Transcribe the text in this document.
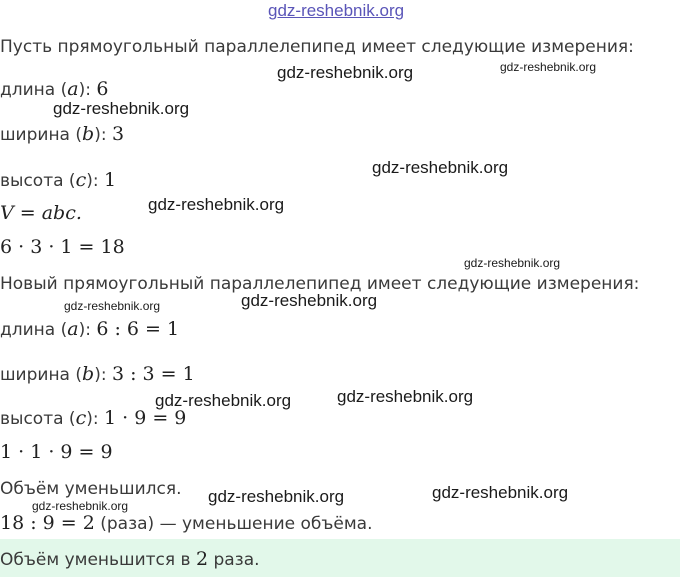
gdz-reshebnik.org
gdz-reshebnik.org	gdz-reshebnik.org
gdz-reshebnik.org
gdz-reshebnik.org
gdz-reshebnik.org
gdz-reshebnik.org
gdz-reshebnik.org	gdz-reshebnik.org
gdz-reshebnik.org	gdz-reshebnik.org
gdz-reshebnik.org	gdz-reshebnik.org
gdz-reshebnik.org
Пусть прямоугольный параллелепипед имеет следующие измерения:
длина (a): 6
ширина (b): 3
высота (c): 1
V = abc.
6 · 3 · 1 = 18
Новый прямоугольный параллелепипед имеет следующие измерения:
длина (a): 6 : 6 = 1
ширина (b): 3 : 3 = 1
высота (c): 1 · 9 = 9
1 · 1 · 9 = 9
Объём уменьшился.
18 : 9 = 2 (раза) — уменьшение объёма.
Объём уменьшится в 2 раза.
